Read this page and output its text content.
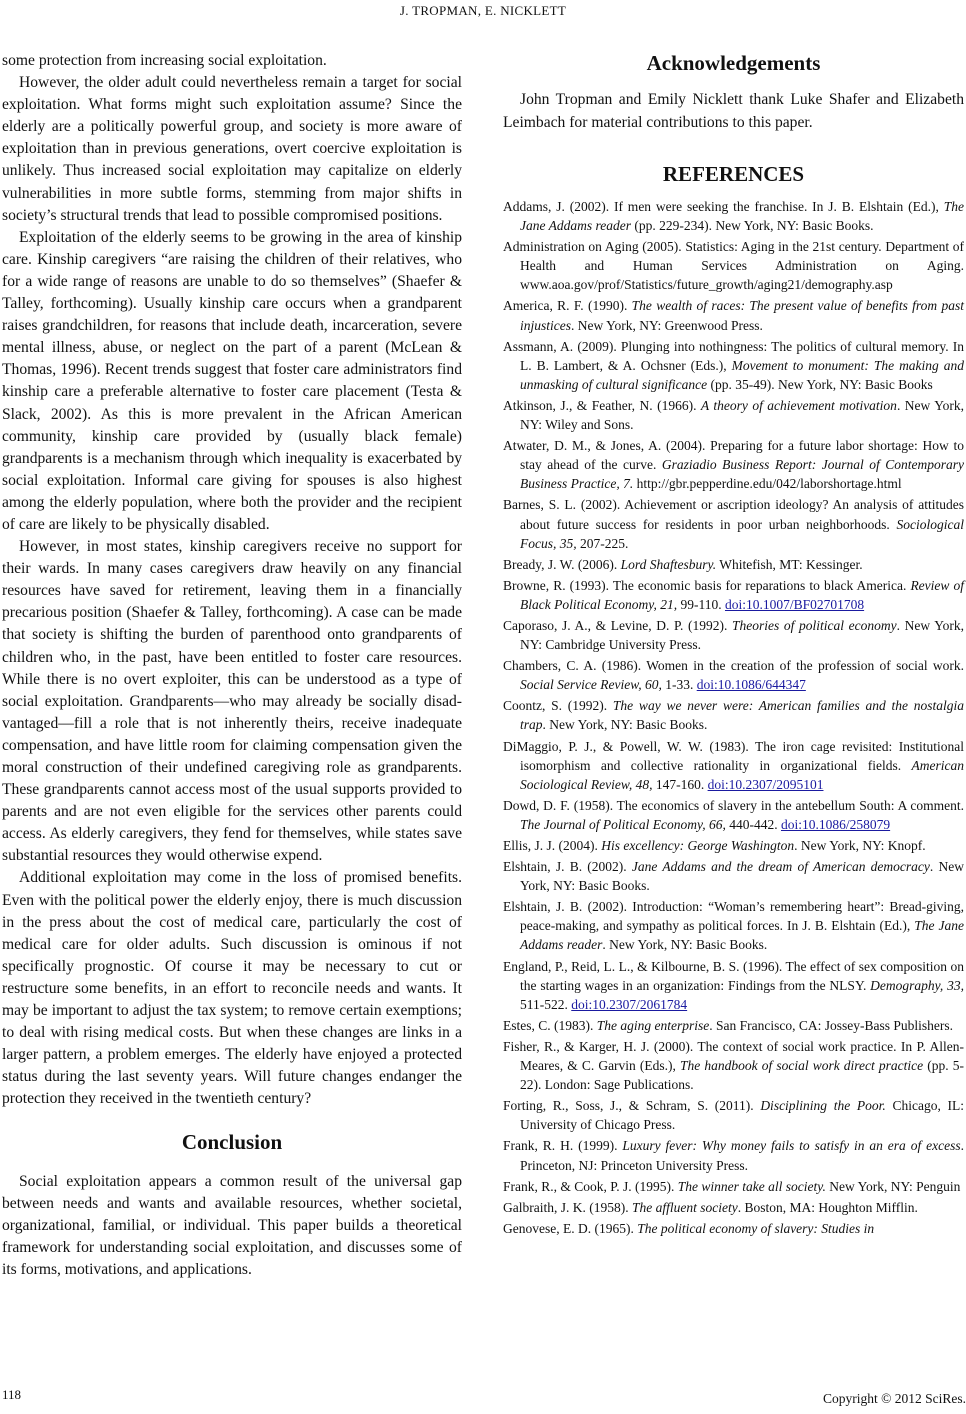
J. TROPMAN, E. NICKLETT

some protection from increasing social exploitation.

However, the older adult could nevertheless remain a target for social exploitation. What forms might such exploitation assume? Since the elderly are a politically powerful group, and society is more aware of exploitation than in previous generations, overt coercive exploitation is unlikely. Thus increased social exploitation may capitalize on elderly vulnerabilities in more subtle forms, stemming from major shifts in society’s structural trends that lead to possible compromised positions.

Exploitation of the elderly seems to be growing in the area of kinship care. Kinship caregivers “are raising the children of their relatives, who for a wide range of reasons are unable to do so themselves” (Shaefer & Talley, forthcoming). Usually kinship care occurs when a grandparent raises grandchildren, for reasons that include death, incarceration, severe mental illness, abuse, or neglect on the part of a parent (McLean & Thomas, 1996). Recent trends suggest that foster care administrators find kinship care a preferable alternative to foster care placement (Testa & Slack, 2002). As this is more prevalent in the African American community, kinship care provided by (usually black female) grandparents is a mechanism through which inequality is exacerbated by social exploitation. Informal care giving for spouses is also highest among the elderly population, where both the provider and the recipient of care are likely to be physically disabled.

However, in most states, kinship caregivers receive no support for their wards. In many cases caregivers draw heavily on any financial resources have saved for retirement, leaving them in a financially precarious position (Shaefer & Talley, forthcoming). A case can be made that society is shifting the burden of parenthood onto grandparents of children who, in the past, have been entitled to foster care resources. While there is no overt exploiter, this can be understood as a type of social exploitation. Grandparents—who may already be socially disadvantaged—fill a role that is not inherently theirs, receive inadequate compensation, and have little room for claiming compensation given the moral construction of their undefined caregiving role as grandparents. These grandparents cannot access most of the usual supports provided to parents and are not even eligible for the services other parents could access. As elderly caregivers, they fend for themselves, while states save substantial resources they would otherwise expend.

Additional exploitation may come in the loss of promised benefits. Even with the political power the elderly enjoy, there is much discussion in the press about the cost of medical care, particularly the cost of medical care for older adults. Such discussion is ominous if not specifically prognostic. Of course it may be necessary to cut or restructure some benefits, in an effort to reconcile needs and wants. It may be important to adjust the tax system; to remove certain exemptions; to deal with rising medical costs. But when these changes are links in a larger pattern, a problem emerges. The elderly have enjoyed a protected status during the last seventy years. Will future changes endanger the protection they received in the twentieth century?

Conclusion

Social exploitation appears a common result of the universal gap between needs and wants and available resources, whether societal, organizational, familial, or individual. This paper builds a theoretical framework for understanding social exploitation, and discusses some of its forms, motivations, and applications.

Acknowledgements

John Tropman and Emily Nicklett thank Luke Shafer and Elizabeth Leimbach for material contributions to this paper.

REFERENCES

Addams, J. (2002). If men were seeking the franchise. In J. B. Elshtain (Ed.), The Jane Addams reader (pp. 229-234). New York, NY: Basic Books.

Administration on Aging (2005). Statistics: Aging in the 21st century. Department of Health and Human Services Administration on Aging. www.aoa.gov/prof/Statistics/future_growth/aging21/demography.asp

America, R. F. (1990). The wealth of races: The present value of benefits from past injustices. New York, NY: Greenwood Press.

Assmann, A. (2009). Plunging into nothingness: The politics of cultural memory. In L. B. Lambert, & A. Ochsner (Eds.), Movement to monument: The making and unmasking of cultural significance (pp. 35-49). New York, NY: Basic Books

Atkinson, J., & Feather, N. (1966). A theory of achievement motivation. New York, NY: Wiley and Sons.

Atwater, D. M., & Jones, A. (2004). Preparing for a future labor shortage: How to stay ahead of the curve. Graziadio Business Report: Journal of Contemporary Business Practice, 7. http://gbr.pepperdine.edu/042/laborshortage.html

Barnes, S. L. (2002). Achievement or ascription ideology? An analysis of attitudes about future success for residents in poor urban neighborhoods. Sociological Focus, 35, 207-225.

Bready, J. W. (2006). Lord Shaftesbury. Whitefish, MT: Kessinger.

Browne, R. (1993). The economic basis for reparations to black America. Review of Black Political Economy, 21, 99-110. doi:10.1007/BF02701708

Caporaso, J. A., & Levine, D. P. (1992). Theories of political economy. New York, NY: Cambridge University Press.

Chambers, C. A. (1986). Women in the creation of the profession of social work. Social Service Review, 60, 1-33. doi:10.1086/644347

Coontz, S. (1992). The way we never were: American families and the nostalgia trap. New York, NY: Basic Books.

DiMaggio, P. J., & Powell, W. W. (1983). The iron cage revisited: Institutional isomorphism and collective rationality in organizational fields. American Sociological Review, 48, 147-160. doi:10.2307/2095101

Dowd, D. F. (1958). The economics of slavery in the antebellum South: A comment. The Journal of Political Economy, 66, 440-442. doi:10.1086/258079

Ellis, J. J. (2004). His excellency: George Washington. New York, NY: Knopf.

Elshtain, J. B. (2002). Jane Addams and the dream of American democracy. New York, NY: Basic Books.

Elshtain, J. B. (2002). Introduction: “Woman’s remembering heart”: Bread-giving, peace-making, and sympathy as political forces. In J. B. Elshtain (Ed.), The Jane Addams reader. New York, NY: Basic Books.

England, P., Reid, L. L., & Kilbourne, B. S. (1996). The effect of sex composition on the starting wages in an organization: Findings from the NLSY. Demography, 33, 511-522. doi:10.2307/2061784

Estes, C. (1983). The aging enterprise. San Francisco, CA: Jossey-Bass Publishers.

Fisher, R., & Karger, H. J. (2000). The context of social work practice. In P. Allen-Meares, & C. Garvin (Eds.), The handbook of social work direct practice (pp. 5-22). London: Sage Publications.

Forting, R., Soss, J., & Schram, S. (2011). Disciplining the Poor. Chicago, IL: University of Chicago Press.

Frank, R. H. (1999). Luxury fever: Why money fails to satisfy in an era of excess. Princeton, NJ: Princeton University Press.

Frank, R., & Cook, P. J. (1995). The winner take all society. New York, NY: Penguin

Galbraith, J. K. (1958). The affluent society. Boston, MA: Houghton Mifflin.

Genovese, E. D. (1965). The political economy of slavery: Studies in

118	Copyright © 2012 SciRes.
